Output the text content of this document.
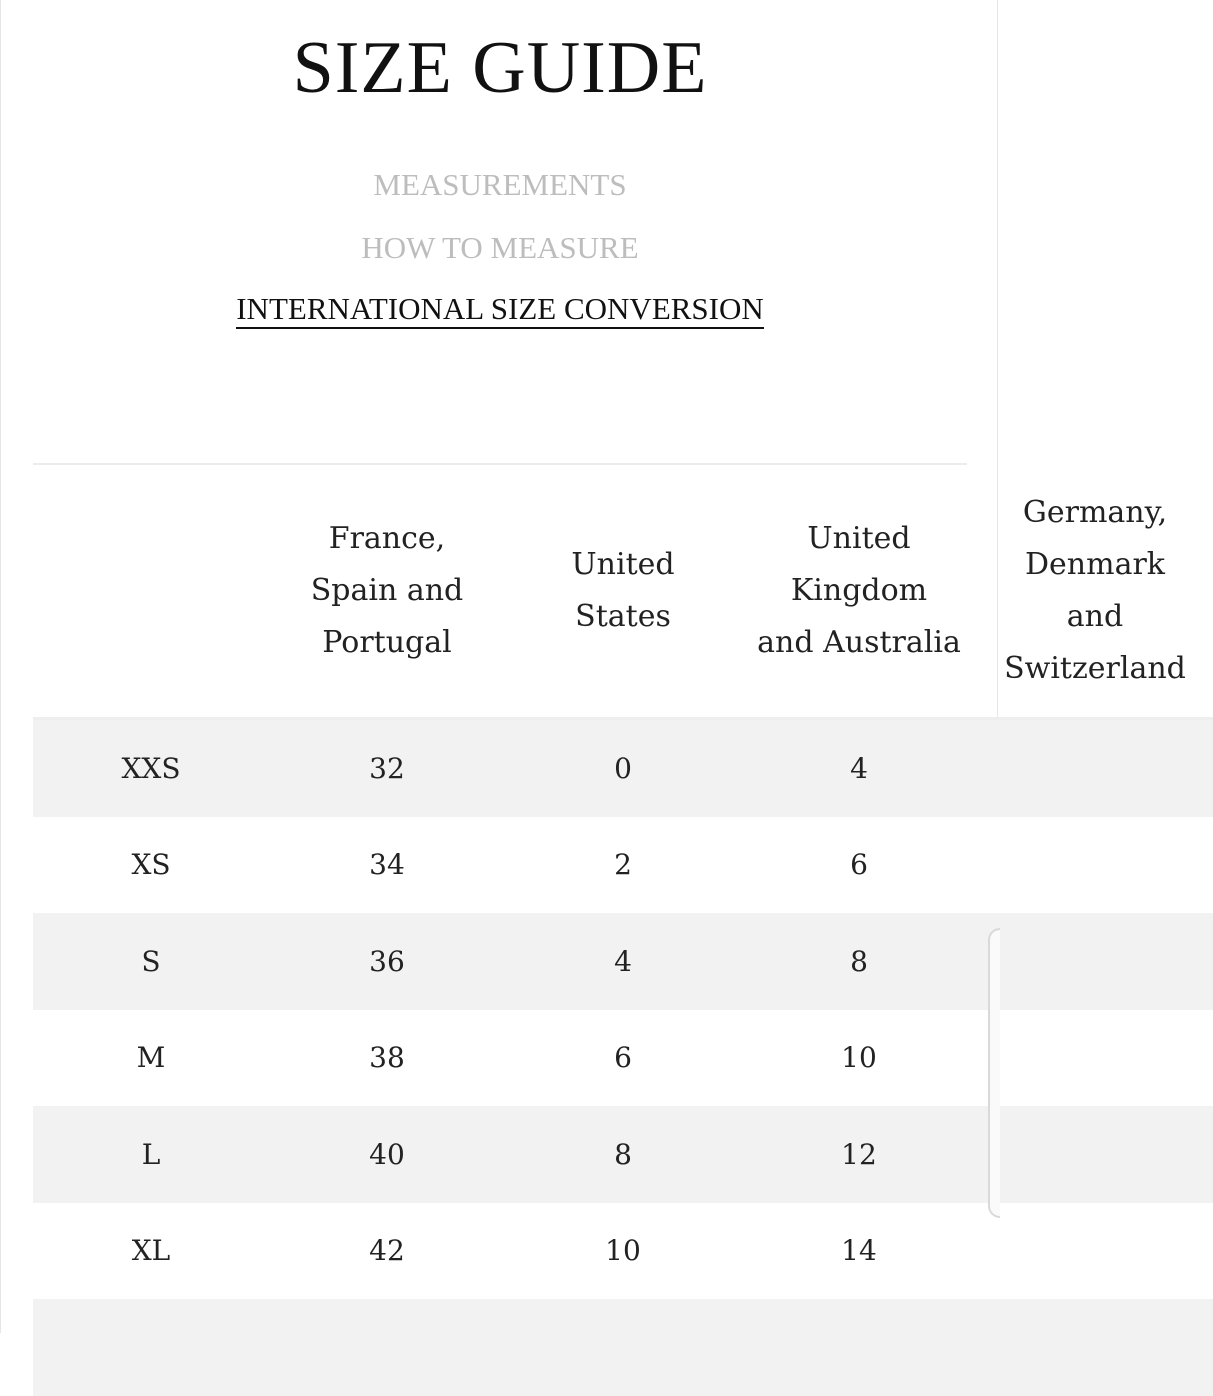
SIZE GUIDE
MEASUREMENTS
HOW TO MEASURE
INTERNATIONAL SIZE CONVERSION
	France,
Spain and
Portugal	United
States	United
Kingdom
and Australia	Germany,
Denmark
and
Switzerland
XXS	32	0	4	
XS	34	2	6	
S	36	4	8	
M	38	6	10	
L	40	8	12	
XL	42	10	14	
